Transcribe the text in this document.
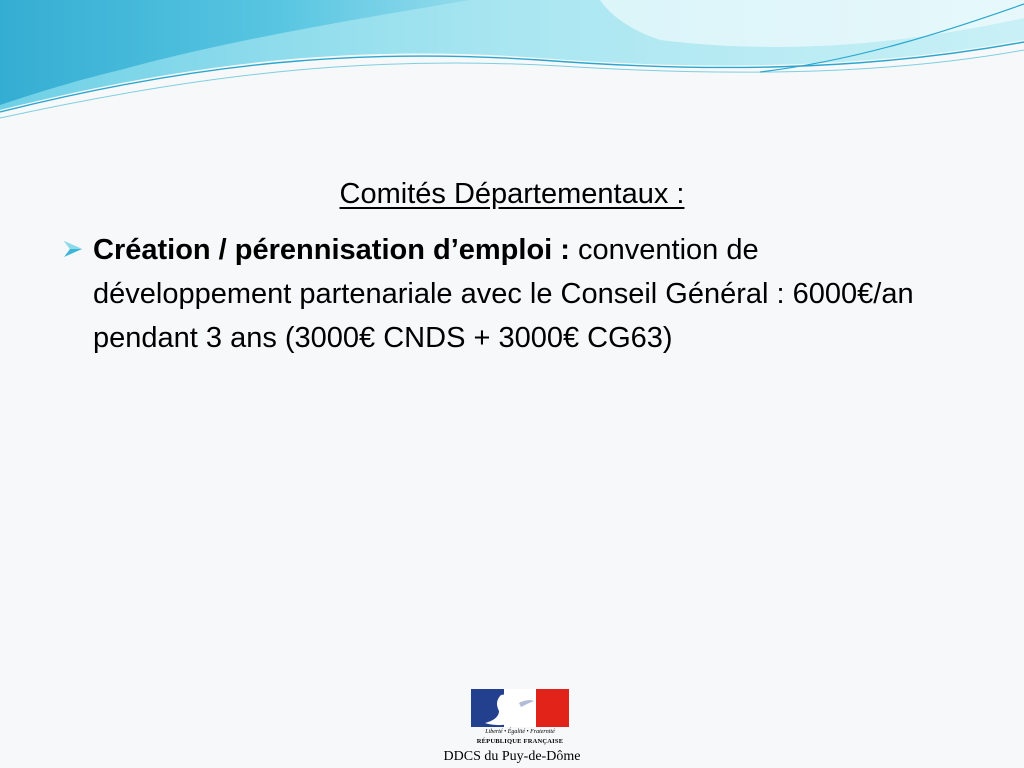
Comités Départementaux :
Création / pérennisation d’emploi : convention de développement partenariale avec le Conseil Général : 6000€/an pendant 3 ans (3000€ CNDS + 3000€ CG63)
Liberté • Égalité • Fraternité
RÉPUBLIQUE FRANÇAISE
DDCS du Puy-de-Dôme
